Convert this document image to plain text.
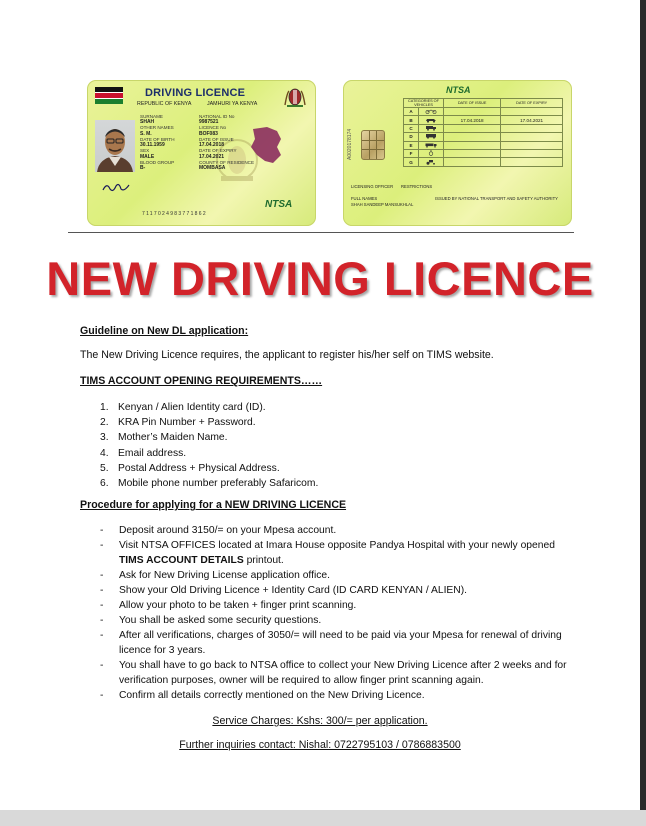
DRIVING LICENCE
REPUBLIC OF KENYA	JAMHURI YA KENYA
SURNAME
SHAH
OTHER NAMES
S. M.
DATE OF BIRTH
30.11.1959
SEX
MALE
BLOOD GROUP
B-
NATIONAL ID No
9987521
LICENCE No
BOF083
DATE OF ISSUE
17.04.2018
DATE OF EXPIRY
17.04.2021
COUNTY OF RESIDENCE
MOMBASA
NTSA
7117024983771862
A0020178174
NTSA
CATEGORIES OF VEHICLES		DATE OF ISSUE	DATE OF EXPIRY
A			
B		17.04.2018	17.04.2021
C			
D			
E			
F			
G			
LICENSING OFFICER RESTRICTIONS
FULL NAMES
SHAH SANDEEP MANSUKHLAL
ISSUED BY NATIONAL TRANSPORT AND SAFETY AUTHORITY
NEW DRIVING LICENCE
Guideline on New DL application:
The New Driving Licence requires, the applicant to register his/her self on TIMS website.
TIMS ACCOUNT OPENING REQUIREMENTS……
1. Kenyan / Alien Identity card (ID).
2. KRA Pin Number + Password.
3. Mother’s Maiden Name.
4. Email address.
5. Postal Address + Physical Address.
6. Mobile phone number preferably Safaricom.
Procedure for applying for a NEW DRIVING LICENCE
- Deposit around 3150/= on your Mpesa account.
- Visit NTSA OFFICES located at Imara House opposite Pandya Hospital with your newly opened
TIMS ACCOUNT DETAILS printout.
- Ask for New Driving License application office.
- Show your Old Driving Licence + Identity Card (ID CARD KENYAN / ALIEN).
- Allow your photo to be taken + finger print scanning.
- You shall be asked some security questions.
- After all verifications, charges of 3050/= will need to be paid via your Mpesa for renewal of driving licence for 3 years.
- You shall have to go back to NTSA office to collect your New Driving Licence after 2 weeks and for verification purposes, owner will be required to allow finger print scanning again.
- Confirm all details correctly mentioned on the New Driving Licence.
Service Charges: Kshs: 300/= per application.
Further inquiries contact: Nishal: 0722795103 / 0786883500
